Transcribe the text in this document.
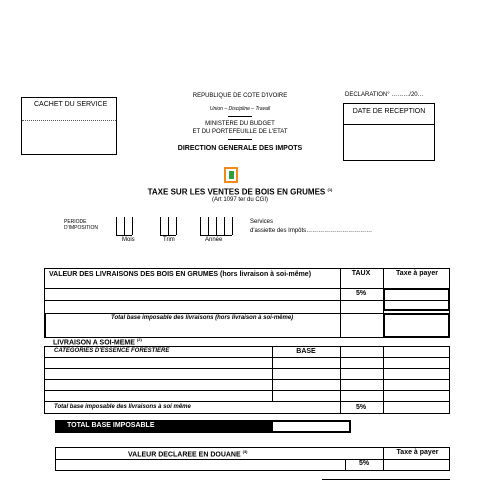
CACHET DU SERVICE
REPUBLIQUE DE COTE D'IVOIRE
Union – Discipline – Travail
MINISTERE DU BUDGET
ET DU PORTEFEUILLE DE L'ETAT
DIRECTION GENERALE DES IMPOTS
DECLARATION° ………/20…
DATE DE RECEPTION
TAXE SUR LES VENTES DE BOIS EN GRUMES $^{(1)}$
(Art 1097 ter du CGI)
PERIODE D'IMPOSITION
Mois	Trim	Année
Services
d'assiette des Impôts……………………………
VALEUR DES LIVRAISONS DES BOIS EN GRUMES (hors livraison à soi-même)	TAUX	Taxe à payer
5%
Total base imposable des livraisons (hors livraison à soi-même)
LIVRAISON A SOI-MEME $^{(2)}$
CATEGORIES D'ESSENCE FORESTIERE	BASE
Total base imposable des livraisons à soi même	5%
TOTAL BASE IMPOSABLE
VALEUR DECLAREE EN DOUANE $^{(3)}$	Taxe à payer
5%
